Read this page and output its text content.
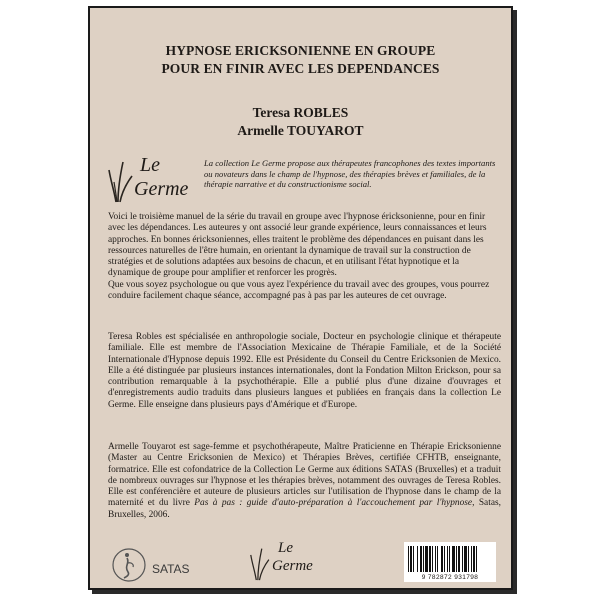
HYPNOSE ERICKSONIENNE EN GROUPE
POUR EN FINIR AVEC LES DEPENDANCES
Teresa ROBLES
Armelle TOUYAROT
Le
Germe
La collection Le Germe propose aux thérapeutes francophones des textes importants ou novateurs dans le champ de l'hypnose, des thérapies brèves et familiales, de la thérapie narrative et du constructionisme social.

Voici le troisième manuel de la série du travail en groupe avec l'hypnose éricksonienne, pour en finir avec les dépendances. Les auteures y ont associé leur grande expérience, leurs connaissances et leurs approches. En bonnes éricksoniennes, elles traitent le problème des dépendances en puisant dans les ressources naturelles de l'être humain, en orientant la dynamique de travail sur la construction de stratégies et de solutions adaptées aux besoins de chacun, et en utilisant l'état hypnotique et la dynamique de groupe pour amplifier et renforcer les progrès.

Que vous soyez psychologue ou que vous ayez l'expérience du travail avec des groupes, vous pourrez conduire facilement chaque séance, accompagné pas à pas par les auteures de cet ouvrage.

Teresa Robles est spécialisée en anthropologie sociale, Docteur en psychologie clinique et thérapeute familiale. Elle est membre de l'Association Mexicaine de Thérapie Familiale, et de la Société Internationale d'Hypnose depuis 1992. Elle est Présidente du Conseil du Centre Ericksonien de Mexico. Elle a été distinguée par plusieurs instances internationales, dont la Fondation Milton Erickson, pour sa contribution remarquable à la psychothérapie. Elle a publié plus d'une dizaine d'ouvrages et d'enregistrements audio traduits dans plusieurs langues et publiées en français dans la collection Le Germe. Elle enseigne dans plusieurs pays d'Amérique et d'Europe.

Armelle Touyarot est sage-femme et psychothérapeute, Maître Praticienne en Thérapie Ericksonienne (Master au Centre Ericksonien de Mexico) et Thérapies Brèves, certifiée CFHTB, enseignante, formatrice. Elle est cofondatrice de la Collection Le Germe aux éditions SATAS (Bruxelles) et a traduit de nombreux ouvrages sur l'hypnose et les thérapies brèves, notamment des ouvrages de Teresa Robles. Elle est conférencière et auteure de plusieurs articles sur l'utilisation de l'hypnose dans le champ de la maternité et du livre Pas à pas : guide d'auto-préparation à l'accouchement par l'hypnose, Satas, Bruxelles, 2006.

SATAS
Le
Germe
9 782872 931798
